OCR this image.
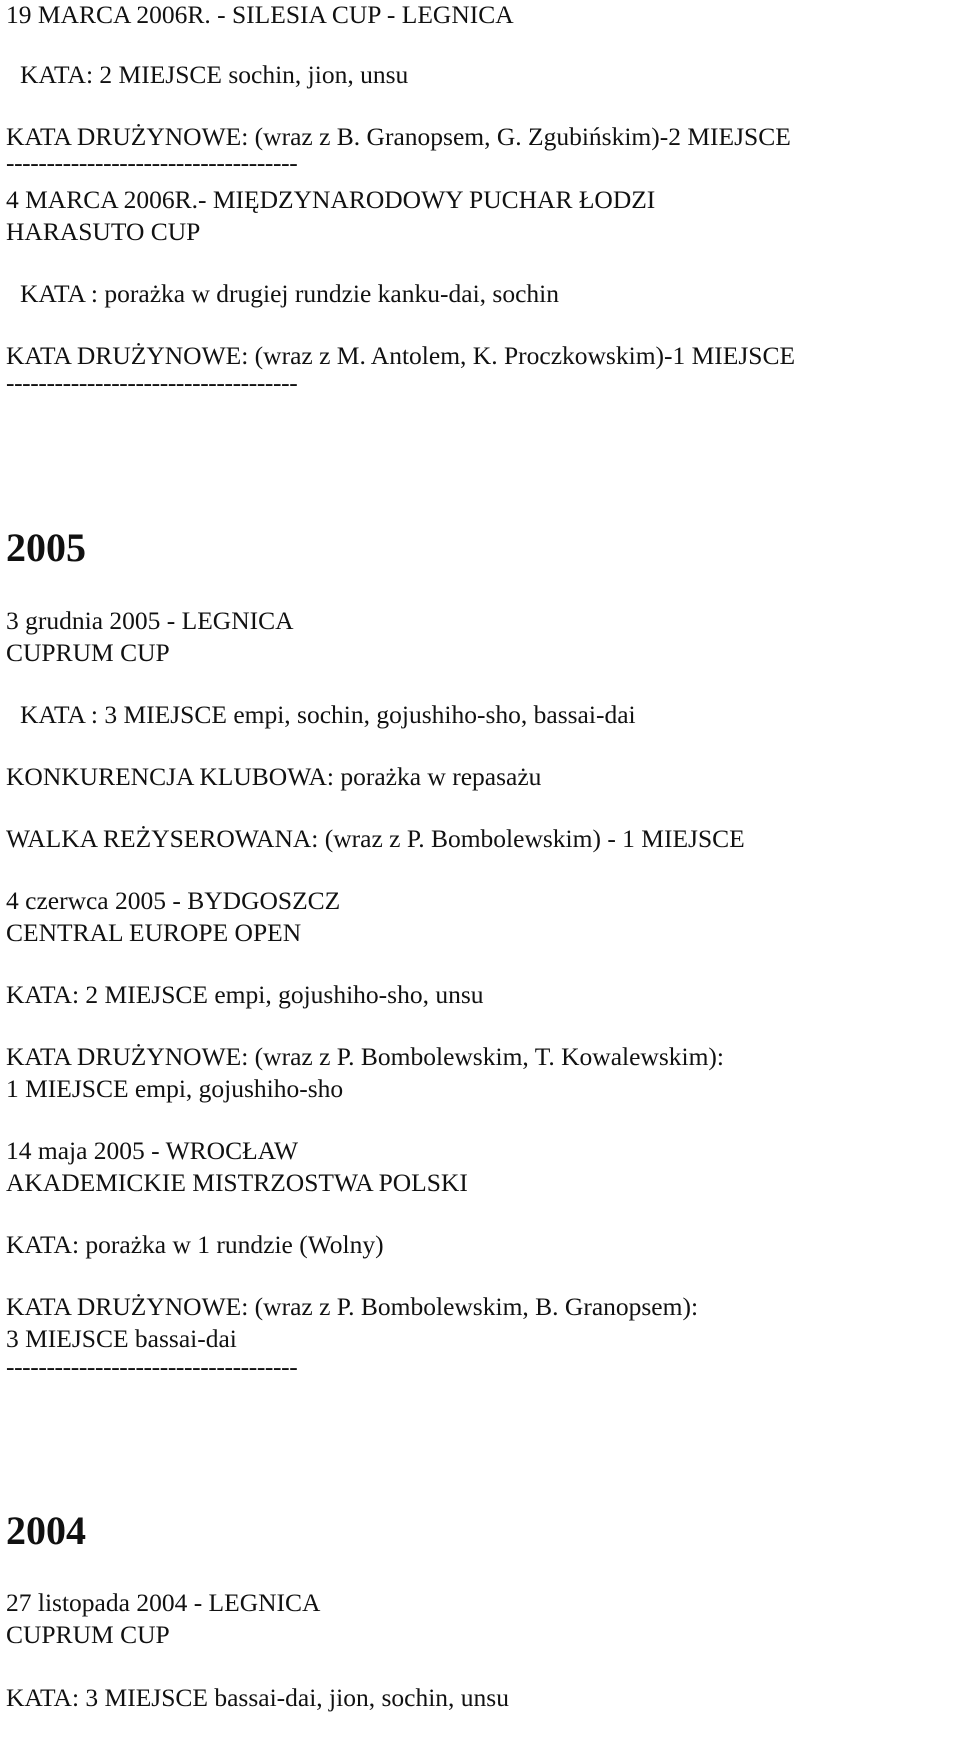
19 MARCA 2006R. - SILESIA CUP - LEGNICA
KATA: 2 MIEJSCE sochin, jion, unsu
KATA DRUŻYNOWE: (wraz z B. Granopsem, G. Zgubińskim)-2 MIEJSCE
------------------------------------
4 MARCA 2006R.- MIĘDZYNARODOWY PUCHAR ŁODZI
HARASUTO CUP
KATA : porażka w drugiej rundzie kanku-dai, sochin
KATA DRUŻYNOWE: (wraz z M. Antolem, K. Proczkowskim)-1 MIEJSCE
------------------------------------
2005
3 grudnia 2005 - LEGNICA
CUPRUM CUP
KATA : 3 MIEJSCE empi, sochin, gojushiho-sho, bassai-dai
KONKURENCJA KLUBOWA: porażka w repasażu
WALKA REŻYSEROWANA: (wraz z P. Bombolewskim) - 1 MIEJSCE
4 czerwca 2005 - BYDGOSZCZ
CENTRAL EUROPE OPEN
KATA: 2 MIEJSCE empi, gojushiho-sho, unsu
KATA DRUŻYNOWE: (wraz z P. Bombolewskim, T. Kowalewskim):
1 MIEJSCE empi, gojushiho-sho
14 maja 2005 - WROCŁAW
AKADEMICKIE MISTRZOSTWA POLSKI
KATA: porażka w 1 rundzie (Wolny)
KATA DRUŻYNOWE: (wraz z P. Bombolewskim, B. Granopsem):
3 MIEJSCE bassai-dai
------------------------------------
2004
27 listopada 2004 - LEGNICA
CUPRUM CUP
KATA: 3 MIEJSCE bassai-dai, jion, sochin, unsu
